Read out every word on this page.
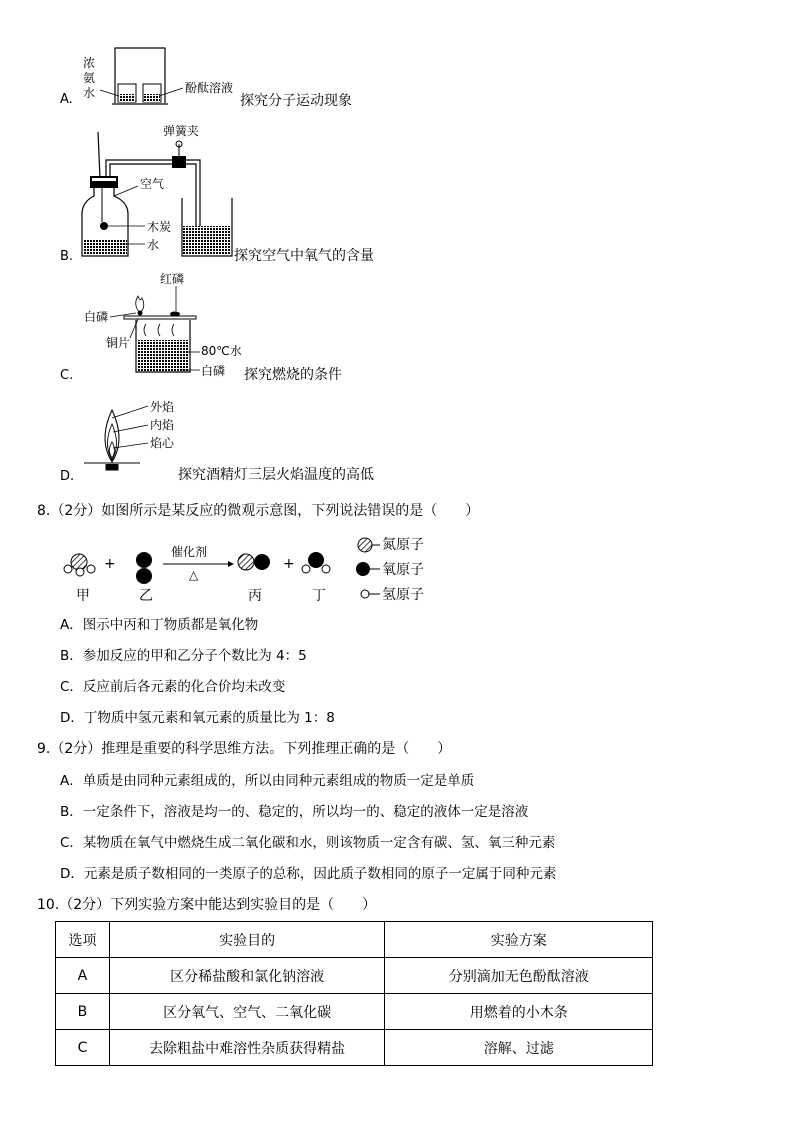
A.
浓
氨
水	酚酞溶液
探究分子运动现象
B.
弹簧夹
空气
木炭
水
探究空气中氧气的含量
C.
红磷
白磷
铜片
80℃水
白磷 探究燃烧的条件
D.
外焰
内焰
焰心
探究酒精灯三层火焰温度的高低
8.（2分）如图所示是某反应的微观示意图，下列说法错误的是（　　）
+
催化剂
△
+
甲	乙	丙	丁
氮原子
氧原子
氢原子
A．图示中丙和丁物质都是氧化物
B．参加反应的甲和乙分子个数比为 4：5
C．反应前后各元素的化合价均未改变
D．丁物质中氢元素和氧元素的质量比为 1：8
9.（2分）推理是重要的科学思维方法。下列推理正确的是（　　）
A．单质是由同种元素组成的，所以由同种元素组成的物质一定是单质
B．一定条件下，溶液是均一的、稳定的，所以均一的、稳定的液体一定是溶液
C．某物质在氧气中燃烧生成二氧化碳和水，则该物质一定含有碳、氢、氧三种元素
D．元素是质子数相同的一类原子的总称，因此质子数相同的原子一定属于同种元素
10.（2分）下列实验方案中能达到实验目的是（　　）
选项	实验目的	实验方案
A	区分稀盐酸和氯化钠溶液	分别滴加无色酚酞溶液
B	区分氧气、空气、二氧化碳	用燃着的小木条
C	去除粗盐中难溶性杂质获得精盐	溶解、过滤
